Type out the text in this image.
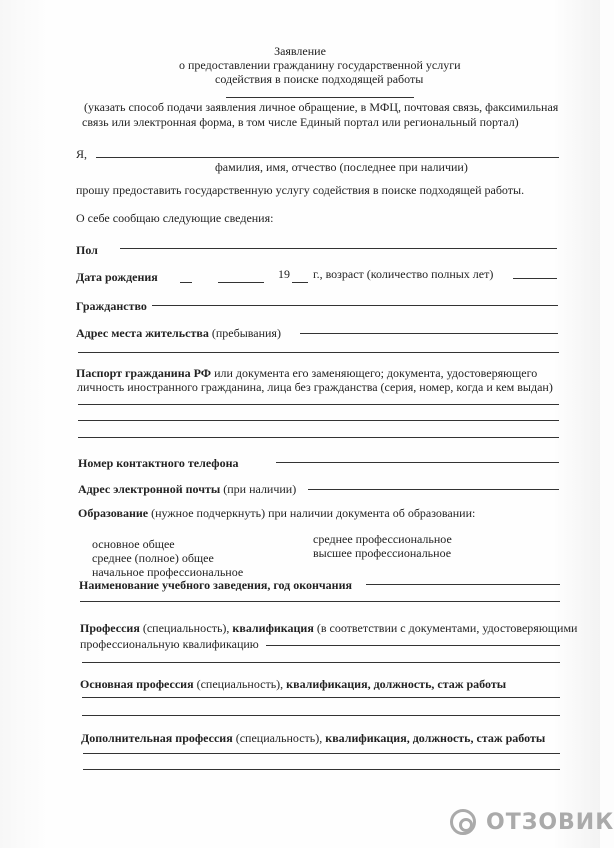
Заявление
о предоставлении гражданину государственной услуги
содействия в поиске подходящей работы
(указать способ подачи заявления личное обращение, в МФЦ, почтовая связь, факсимильная
связь или электронная форма, в том числе Единый портал или региональный портал)
Я,
фамилия, имя, отчество (последнее при наличии)
прошу предоставить государственную услугу содействия в поиске подходящей работы.
О себе сообщаю следующие сведения:
Пол
Дата рождения	19 г., возраст (количество полных лет)
Гражданство
Адрес места жительства (пребывания)
Паспорт гражданина РФ или документа его заменяющего; документа, удостоверяющего
личность иностранного гражданина, лица без гражданства (серия, номер, когда и кем выдан)
Номер контактного телефона
Адрес электронной почты (при наличии)
Образование (нужное подчеркнуть) при наличии документа об образовании:
основное общее
среднее (полное) общее
начальное профессиональное
среднее профессиональное
высшее профессиональное
Наименование учебного заведения, год окончания
Профессия (специальность), квалификация (в соответствии с документами, удостоверяющими
профессиональную квалификацию
Основная профессия (специальность), квалификация, должность, стаж работы
Дополнительная профессия (специальность), квалификация, должность, стаж работы
ОТЗОВИК
